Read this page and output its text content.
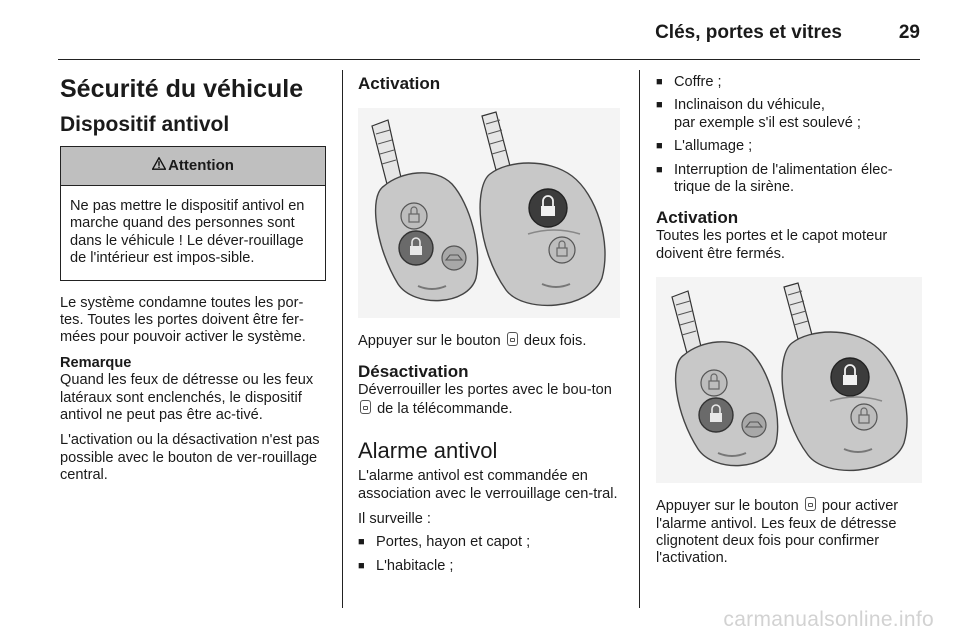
Clés, portes et vitres	29
Sécurité du véhicule
Dispositif antivol
Attention

Ne pas mettre le dispositif antivol en marche quand des personnes sont dans le véhicule ! Le déver-rouillage de l'intérieur est impos-sible.

Le système condamne toutes les por-tes. Toutes les portes doivent être fer-mées pour pouvoir activer le système.

Remarque

Quand les feux de détresse ou les feux latéraux sont enclenchés, le dispositif antivol ne peut pas être ac-tivé.

L'activation ou la désactivation n'est pas possible avec le bouton de ver-rouillage central.

Activation

Appuyer sur le bouton deux fois.

Désactivation

Déverrouiller les portes avec le bou-ton  de la télécommande.

Alarme antivol

L'alarme antivol est commandée en association avec le verrouillage cen-tral.

Il surveille :

■ Portes, hayon et capot ;
■ L'habitacle ;
■ Coffre ;
■ Inclinaison du véhicule,
par exemple s'il est soulevé ;
■ L'allumage ;
■ Interruption de l'alimentation élec-trique de la sirène.
Activation

Toutes les portes et le capot moteur doivent être fermés.

Appuyer sur le bouton pour activer l'alarme antivol. Les feux de détresse clignotent deux fois pour confirmer l'activation.

carmanualsonline.info
